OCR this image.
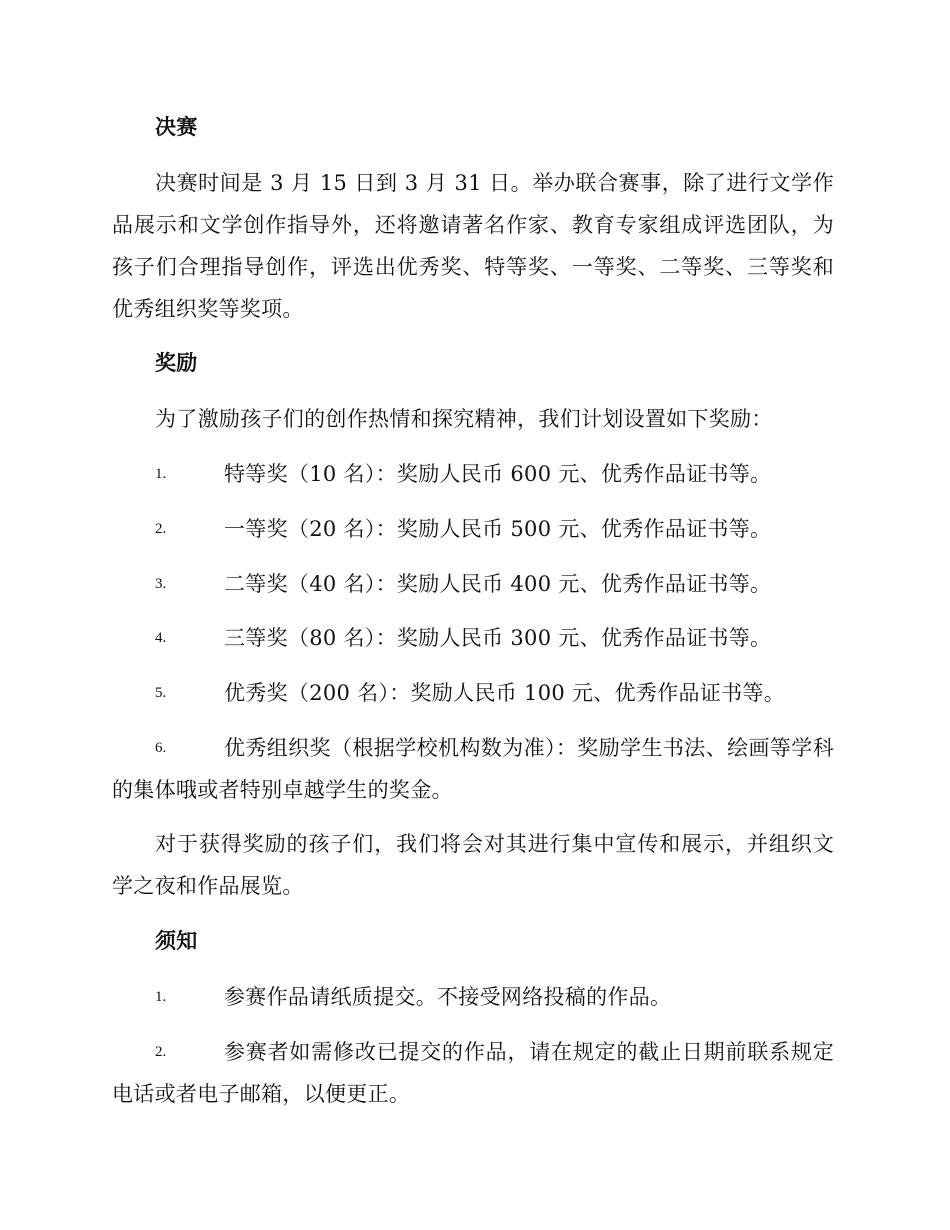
决赛
决赛时间是 3 月 15 日到 3 月 31 日。举办联合赛事，除了进行文学作品展示和文学创作指导外，还将邀请著名作家、教育专家组成评选团队，为孩子们合理指导创作，评选出优秀奖、特等奖、一等奖、二等奖、三等奖和优秀组织奖等奖项。
奖励
为了激励孩子们的创作热情和探究精神，我们计划设置如下奖励：
1.	特等奖（10 名）：奖励人民币 600 元、优秀作品证书等。
2.	一等奖（20 名）：奖励人民币 500 元、优秀作品证书等。
3.	二等奖（40 名）：奖励人民币 400 元、优秀作品证书等。
4.	三等奖（80 名）：奖励人民币 300 元、优秀作品证书等。
5.	优秀奖（200 名）：奖励人民币 100 元、优秀作品证书等。
6.	优秀组织奖（根据学校机构数为准）：奖励学生书法、绘画等学科的集体哦或者特别卓越学生的奖金。
对于获得奖励的孩子们，我们将会对其进行集中宣传和展示，并组织文学之夜和作品展览。
须知
1.	参赛作品请纸质提交。不接受网络投稿的作品。
2.	参赛者如需修改已提交的作品，请在规定的截止日期前联系规定电话或者电子邮箱，以便更正。
